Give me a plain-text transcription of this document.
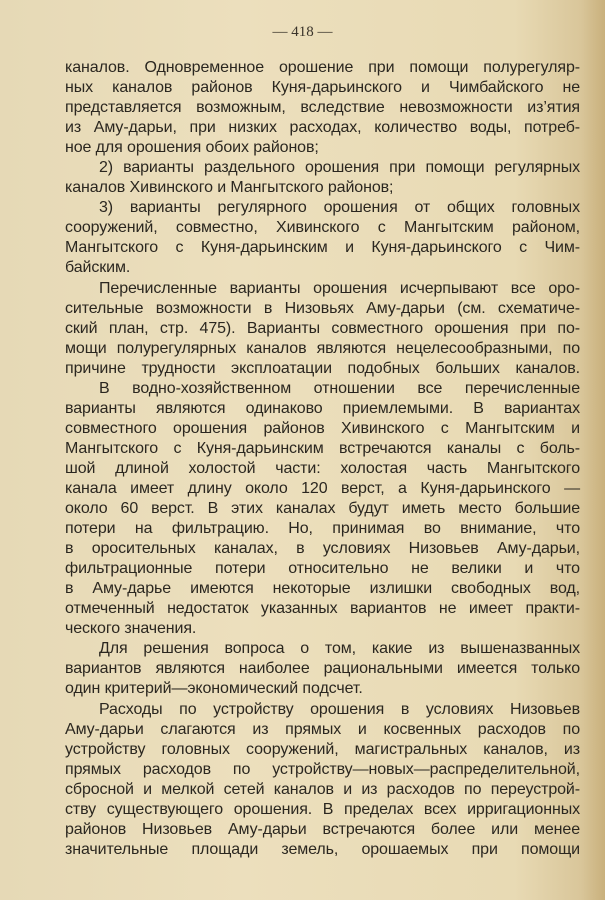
— 418 —
каналов. Одновременное орошение при помощи полурегуляр-
ных каналов районов Куня-дарьинского и Чимбайского не
представляется возможным, вследствие невозможности из’ятия
из Аму-дарьи, при низких расходах, количество воды, потреб-
ное для орошения обоих районов;
2) варианты раздельного орошения при помощи регулярных
каналов Хивинского и Мангытского районов;
3) варианты регулярного орошения от общих головных
сооружений, совместно, Хивинского с Мангытским районом,
Мангытского с Куня-дарьинским и Куня-дарьинского с Чим-
байским.
Перечисленные варианты орошения исчерпывают все оро-
сительные возможности в Низовьях Аму-дарьи (см. схематиче-
ский план, стр. 475). Варианты совместного орошения при по-
мощи полурегулярных каналов являются нецелесообразными, по
причине трудности эксплоатации подобных больших каналов.
В водно-хозяйственном отношении все перечисленные
варианты являются одинаково приемлемыми. В вариантах
совместного орошения районов Хивинского с Мангытским и
Мангытского с Куня-дарьинским встречаются каналы с боль-
шой длиной холостой части: холостая часть Мангытского
канала имеет длину около 120 верст, а Куня-дарьинского —
около 60 верст. В этих каналах будут иметь место большие
потери на фильтрацию. Но, принимая во внимание, что
в оросительных каналах, в условиях Низовьев Аму-дарьи,
фильтрационные потери относительно не велики и что
в Аму-дарье имеются некоторые излишки свободных вод,
отмеченный недостаток указанных вариантов не имеет практи-
ческого значения.
Для решения вопроса о том, какие из вышеназванных
вариантов являются наиболее рациональными имеется только
один критерий—экономический подсчет.
Расходы по устройству орошения в условиях Низовьев
Аму-дарьи слагаются из прямых и косвенных расходов по
устройству головных сооружений, магистральных каналов, из
прямых расходов по устройству—новых—распределительной,
сбросной и мелкой сетей каналов и из расходов по переустрой-
ству существующего орошения. В пределах всех ирригационных
районов Низовьев Аму-дарьи встречаются более или менее
значительные площади земель, орошаемых при помощи
